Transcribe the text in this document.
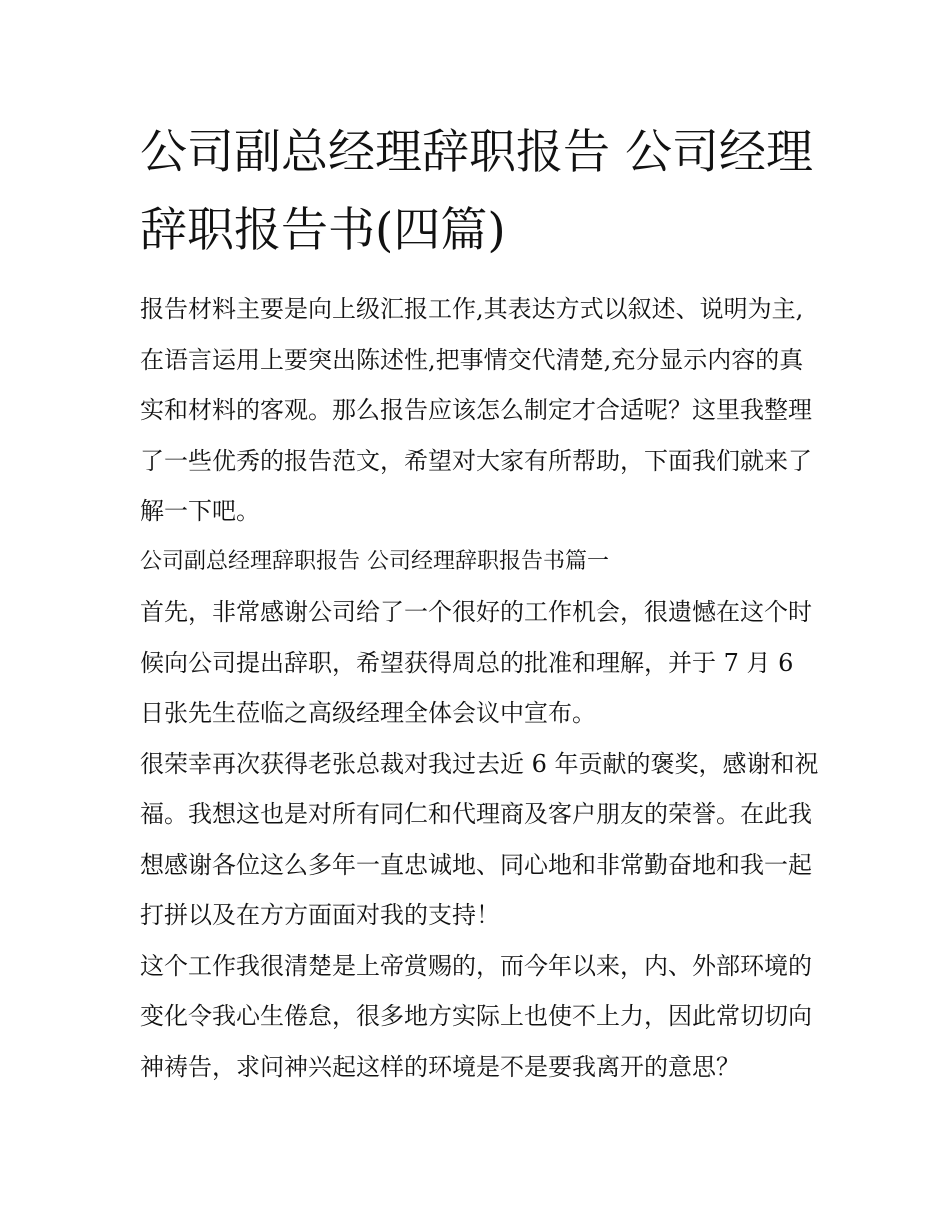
公司副总经理辞职报告 公司经理辞职报告书(四篇)

报告材料主要是向上级汇报工作,其表达方式以叙述、说明为主,在语言运用上要突出陈述性,把事情交代清楚,充分显示内容的真实和材料的客观。那么报告应该怎么制定才合适呢？这里我整理了一些优秀的报告范文，希望对大家有所帮助，下面我们就来了解一下吧。

公司副总经理辞职报告 公司经理辞职报告书篇一

首先，非常感谢公司给了一个很好的工作机会，很遗憾在这个时候向公司提出辞职，希望获得周总的批准和理解，并于 7 月 6 日张先生莅临之高级经理全体会议中宣布。

很荣幸再次获得老张总裁对我过去近 6 年贡献的褒奖，感谢和祝福。我想这也是对所有同仁和代理商及客户朋友的荣誉。在此我想感谢各位这么多年一直忠诚地、同心地和非常勤奋地和我一起打拼以及在方方面面对我的支持！

这个工作我很清楚是上帝赏赐的，而今年以来，内、外部环境的变化令我心生倦怠，很多地方实际上也使不上力，因此常切切向神祷告，求问神兴起这样的环境是不是要我离开的意思？
